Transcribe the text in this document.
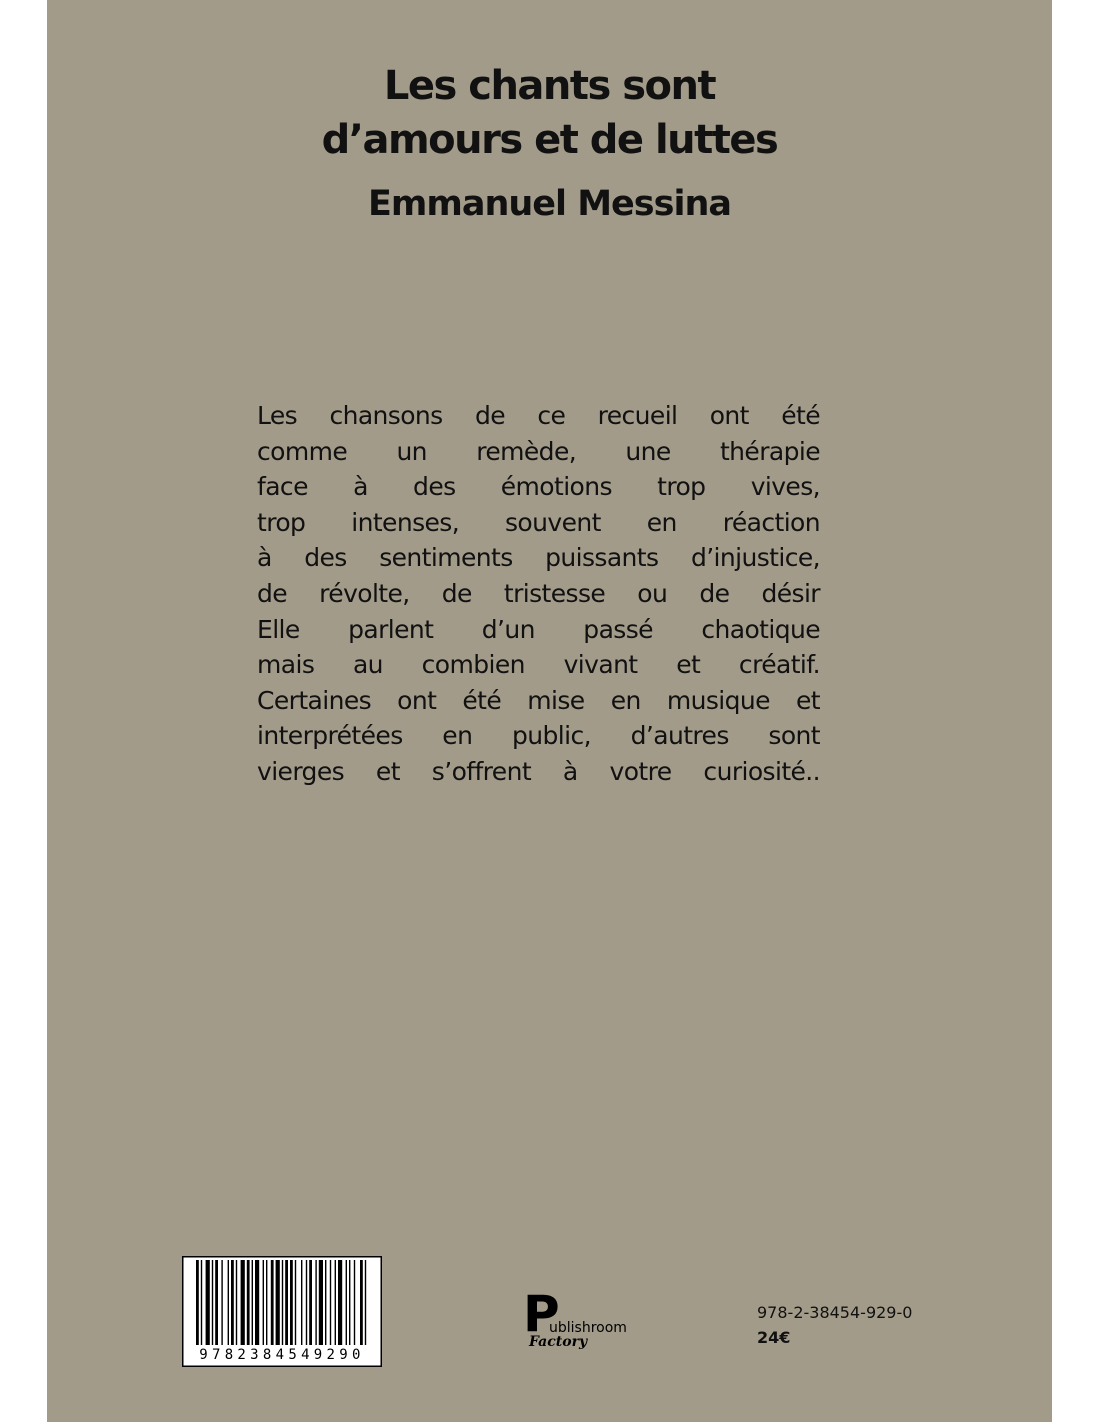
Les chants sont
d’amours et de luttes
Emmanuel Messina
Les chansons de ce recueil ont été
comme un remède, une thérapie
face à des émotions trop vives,
trop intenses, souvent en réaction
à des sentiments puissants d’injustice,
de révolte, de tristesse ou de désir
Elle parlent d’un passé chaotique
mais au combien vivant et créatif.
Certaines ont été mise en musique et
interprétées en public, d’autres sont
vierges et s’offrent à votre curiosité..
9782384549290
P
ublishroom
Factory
978-2-38454-929-0
24€
